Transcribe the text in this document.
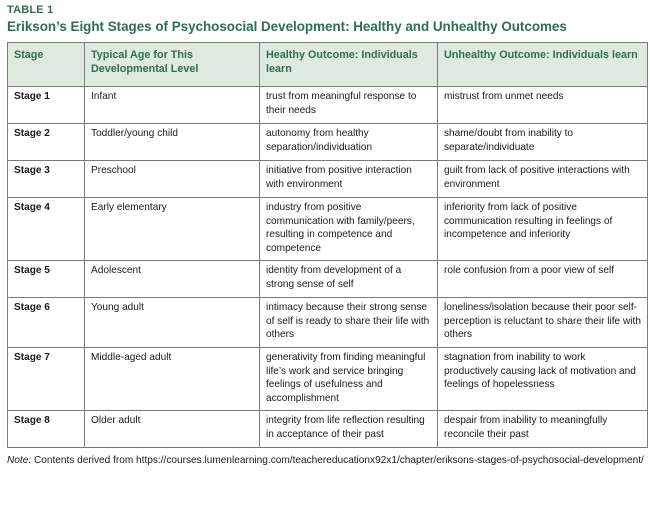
TABLE 1
Erikson’s Eight Stages of Psychosocial Development: Healthy and Unhealthy Outcomes
Stage	Typical Age for This Developmental Level	Healthy Outcome: Individuals learn	Unhealthy Outcome: Individuals learn
Stage 1	Infant	trust from meaningful response to their needs	mistrust from unmet needs
Stage 2	Toddler/young child	autonomy from healthy separation/individuation	shame/doubt from inability to separate/individuate
Stage 3	Preschool	initiative from positive interaction with environment	guilt from lack of positive interactions with environment
Stage 4	Early elementary	industry from positive communication with family/peers, resulting in competence and competence	inferiority from lack of positive communication resulting in feelings of incompetence and inferiority
Stage 5	Adolescent	identity from development of a strong sense of self	role confusion from a poor view of self
Stage 6	Young adult	intimacy because their strong sense of self is ready to share their life with others	loneliness/isolation because their poor self-perception is reluctant to share their life with others
Stage 7	Middle-aged adult	generativity from finding meaningful life’s work and service bringing feelings of usefulness and accomplishment	stagnation from inability to work productively causing lack of motivation and feelings of hopelessness
Stage 8	Older adult	integrity from life reflection resulting in acceptance of their past	despair from inability to meaningfully reconcile their past

Note: Contents derived from https://courses.lumenlearning.com/teachereducationx92x1/chapter/eriksons-stages-of-psychosocial-development/
